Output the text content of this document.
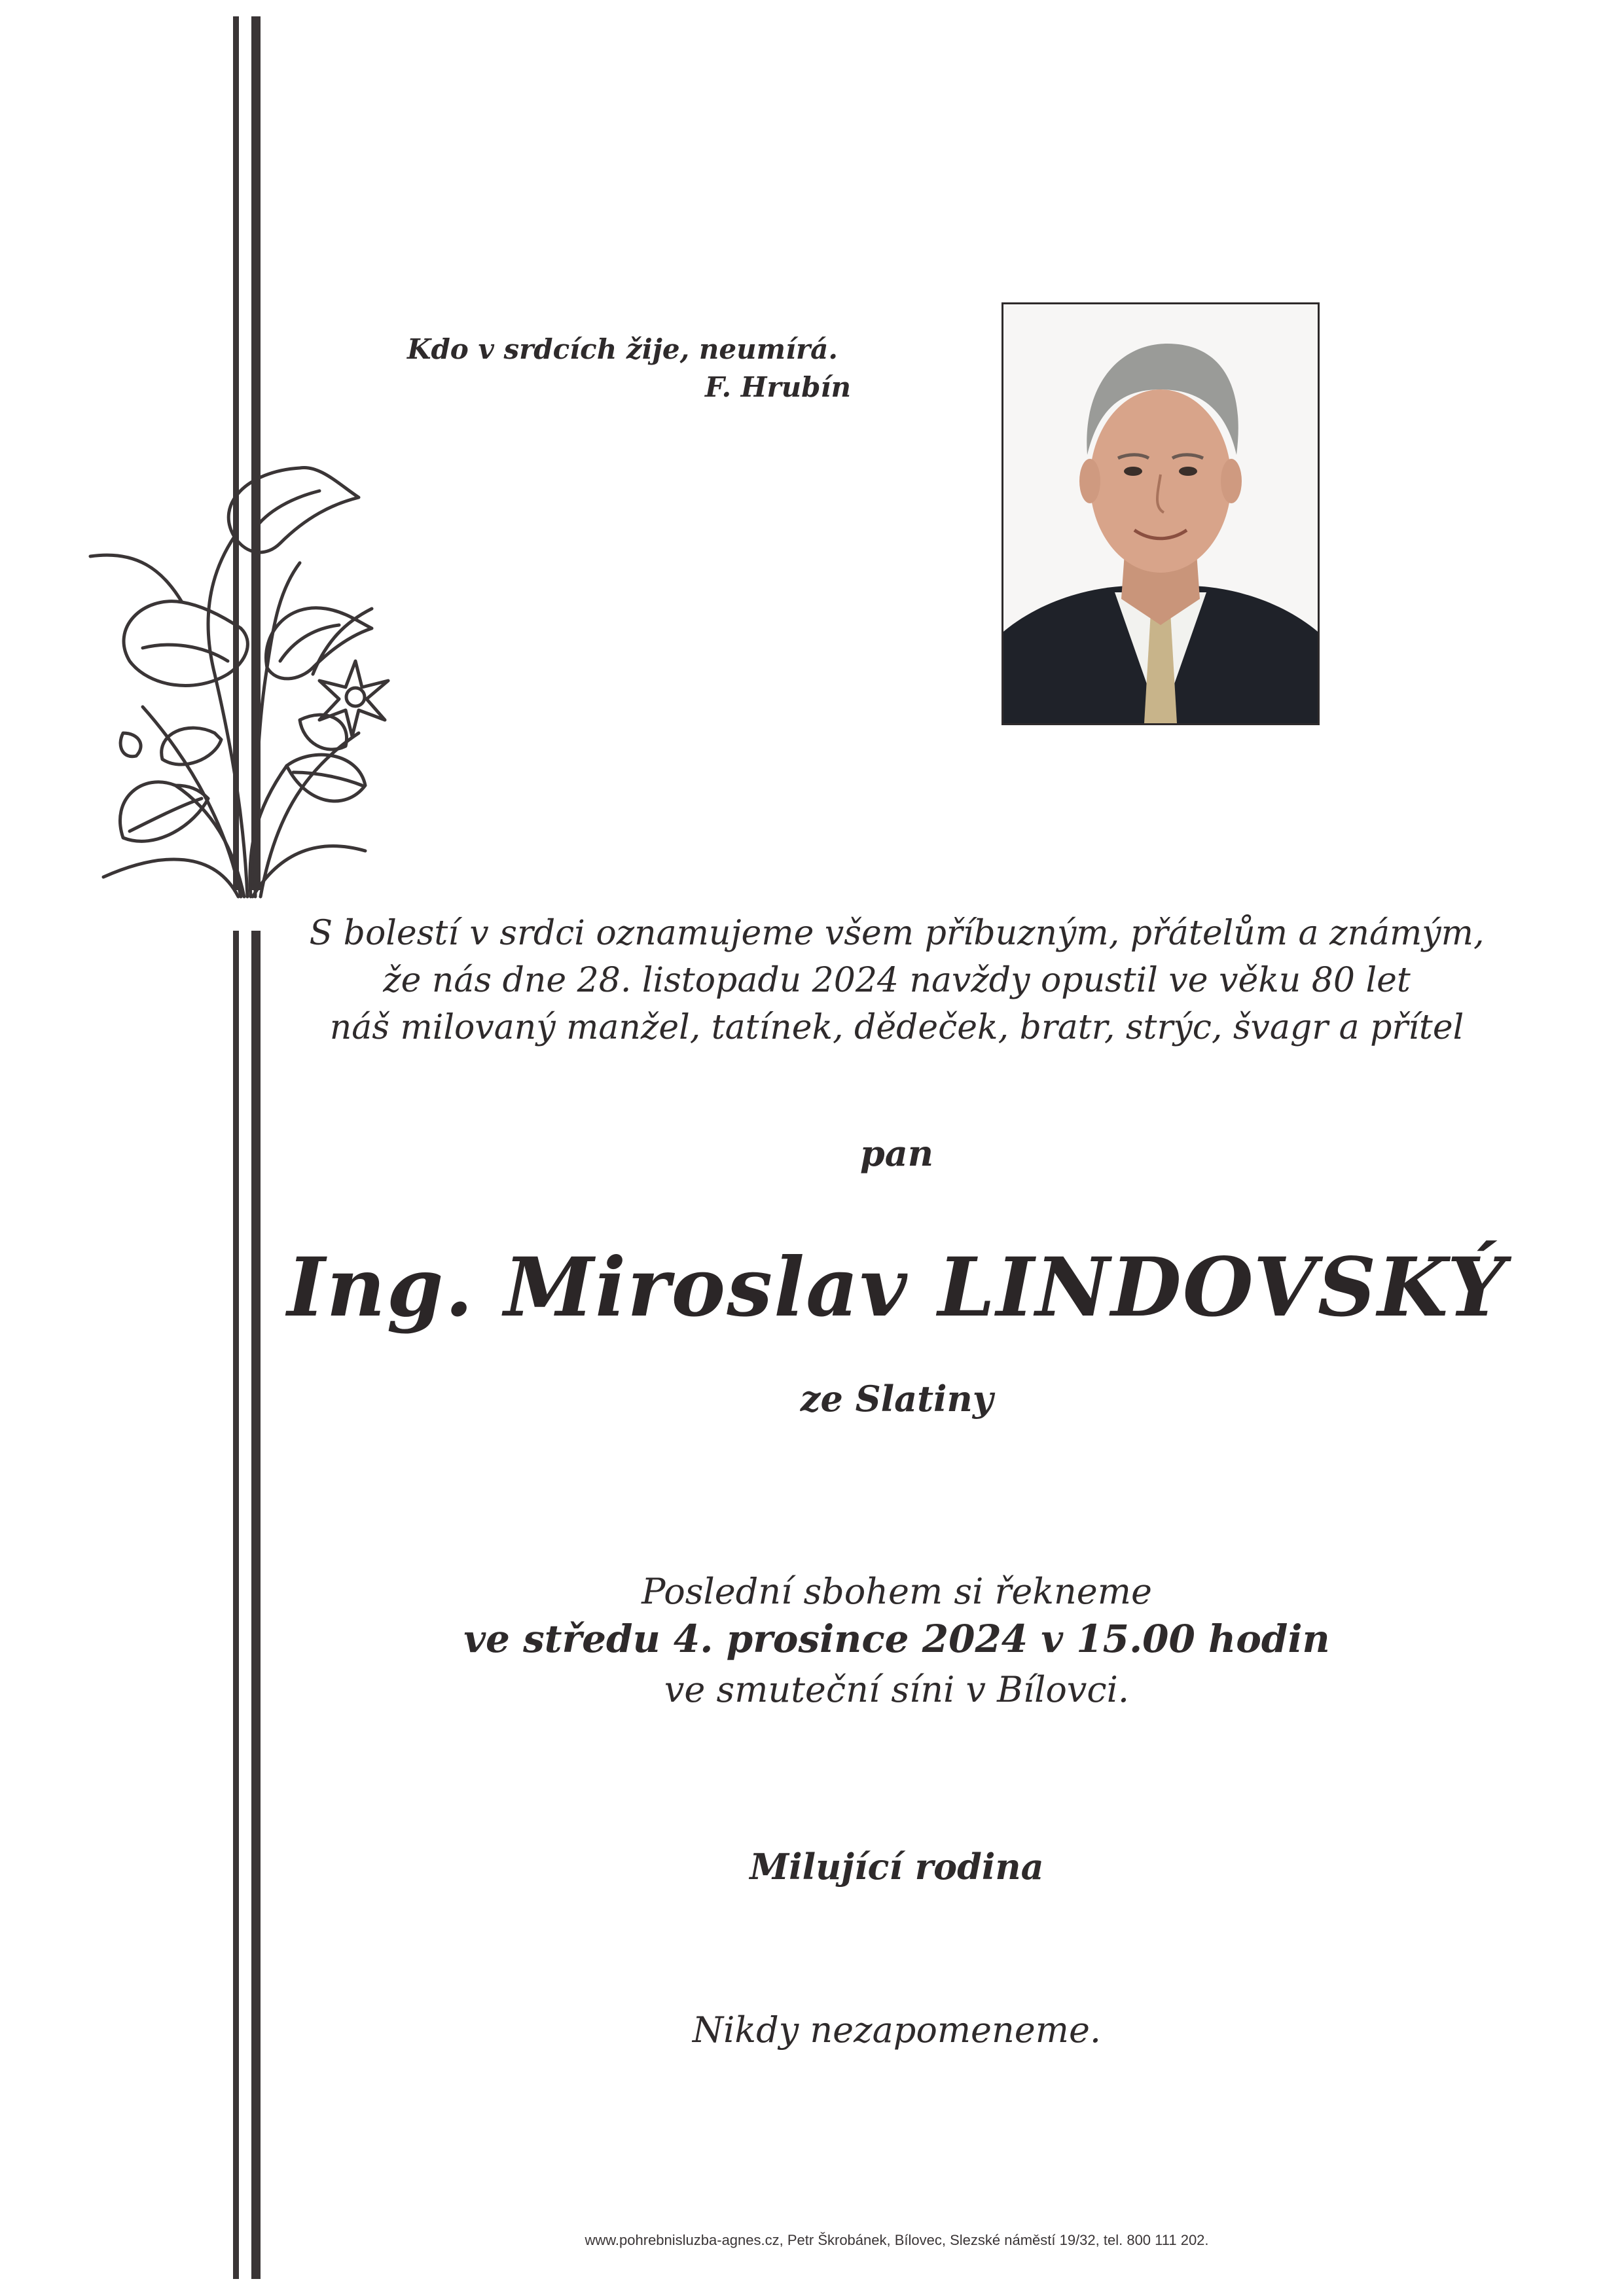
Kdo v srdcích žije, neumírá.
F. Hrubín
S bolestí v srdci oznamujeme všem příbuzným, přátelům a známým,
že nás dne 28. listopadu 2024 navždy opustil ve věku 80 let
náš milovaný manžel, tatínek, dědeček, bratr, strýc, švagr a přítel
pan
Ing. Miroslav LINDOVSKÝ
ze Slatiny
Poslední sbohem si řekneme
ve středu 4. prosince 2024 v 15.00 hodin
ve smuteční síni v Bílovci.
Milující rodina
Nikdy nezapomeneme.
www.pohrebnisluzba-agnes.cz, Petr Škrobánek, Bílovec, Slezské náměstí 19/32, tel. 800 111 202.
